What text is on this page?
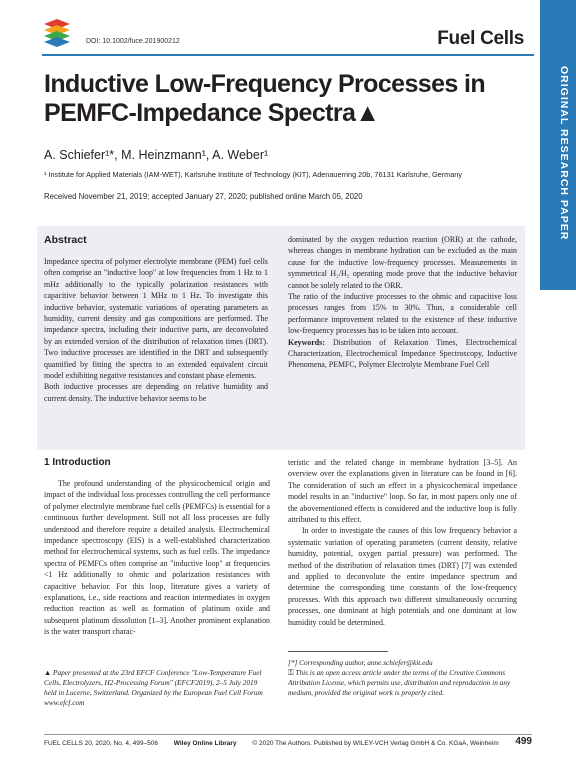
DOI: 10.1002/fuce.201900212	Fuel Cells
ORIGINAL RESEARCH PAPER
Inductive Low-Frequency Processes in PEMFC-Impedance Spectra▲
A. Schiefer¹*, M. Heinzmann¹, A. Weber¹
¹ Institute for Applied Materials (IAM-WET), Karlsruhe Institute of Technology (KIT), Adenauerring 20b, 76131 Karlsruhe, Germany
Received November 21, 2019; accepted January 27, 2020; published online March 05, 2020
Abstract

Impedance spectra of polymer electrolyte membrane (PEM) fuel cells often comprise an "inductive loop" at low frequencies from 1 Hz to 1 mHz additionally to the typically polarization resistances with capacitive behavior between 1 MHz to 1 Hz. To investigate this inductive behavior, systematic variations of operating parameters as humidity, current density and gas compositions are performed. The impedance spectra, including their inductive parts, are deconvoluted by an extended version of the distribution of relaxation times (DRT). Two inductive processes are identified in the DRT and subsequently quantified by fitting the spectra to an extended equivalent circuit model exhibiting negative resistances and constant phase elements.
Both inductive processes are depending on relative humidity and current density. The inductive behavior seems to be

dominated by the oxygen reduction reaction (ORR) at the cathode, whereas changes in membrane hydration can be excluded as the main cause for the inductive low-frequency processes. Measurements in symmetrical H₂/H₂ operating mode prove that the inductive behavior cannot be solely related to the ORR.

The ratio of the inductive processes to the ohmic and capacitive loss processes ranges from 15% to 30%. Thus, a considerable cell performance improvement related to the existence of these inductive low-frequency processes has to be taken into account.

Keywords: Distribution of Relaxation Times, Electrochemical Characterization, Electrochemical Impedance Spectroscopy, Inductive Phenomena, PEMFC, Polymer Electrolyte Membrane Fuel Cell

1 Introduction

The profound understanding of the physicochemical origin and impact of the individual loss processes controlling the cell performance of polymer electrolyte membrane fuel cells (PEMFCs) is essential for a continuous further development. Still not all loss processes are fully understood and therefore require a detailed analysis. Electrochemical impedance spectroscopy (EIS) is a well-established characterization method for electrochemical systems, such as fuel cells. The impedance spectra of PEMFCs often comprise an "inductive loop" at frequencies <1 Hz additionally to ohmic and polarization resistances with capacitive behavior. For this loop, literature gives a variety of explanations, i.e., side reactions and reaction intermediates in oxygen reduction reaction as well as formation of platinum oxide and subsequent platinum dissolution [1–3]. Another prominent explanation is the water transport charac-

teristic and the related change in membrane hydration [3–5]. An overview over the explanations given in literature can be found in [6]. The consideration of such an effect in a physicochemical impedance model results in an "inductive" loop. So far, in most papers only one of the abovementioned effects is considered and the inductive loop is fully attributed to this effect.

In order to investigate the causes of this low frequency behavior a systematic variation of operating parameters (current density, relative humidity, potential, oxygen partial pressure) was performed. The method of the distribution of relaxation times (DRT) [7] was extended and applied to deconvolute the entire impedance spectrum and determine the corresponding time constants of the low-frequency processes. With this approach two different simultaneously occurring processes, one dominant at high potentials and one dominant at low humidity could be determined.

▲ Paper presented at the 23rd EFCF Conference "Low-Temperature Fuel Cells, Electrolyzers, H2-Processing Forum" (EFCF2019), 2–5 July 2019 held in Lucerne, Switzerland. Organized by the European Fuel Cell Forum www.efcf.com

[*] Corresponding author, anne.schiefer@kit.edu

⚿ This is an open access article under the terms of the Creative Commons Attribution License, which permits use, distribution and reproduction in any medium, provided the original work is properly cited.

FUEL CELLS 20, 2020, No. 4, 499–506 Wiley Online Library © 2020 The Authors. Published by WILEY-VCH Verlag GmbH & Co. KGaA, Weinheim	499
